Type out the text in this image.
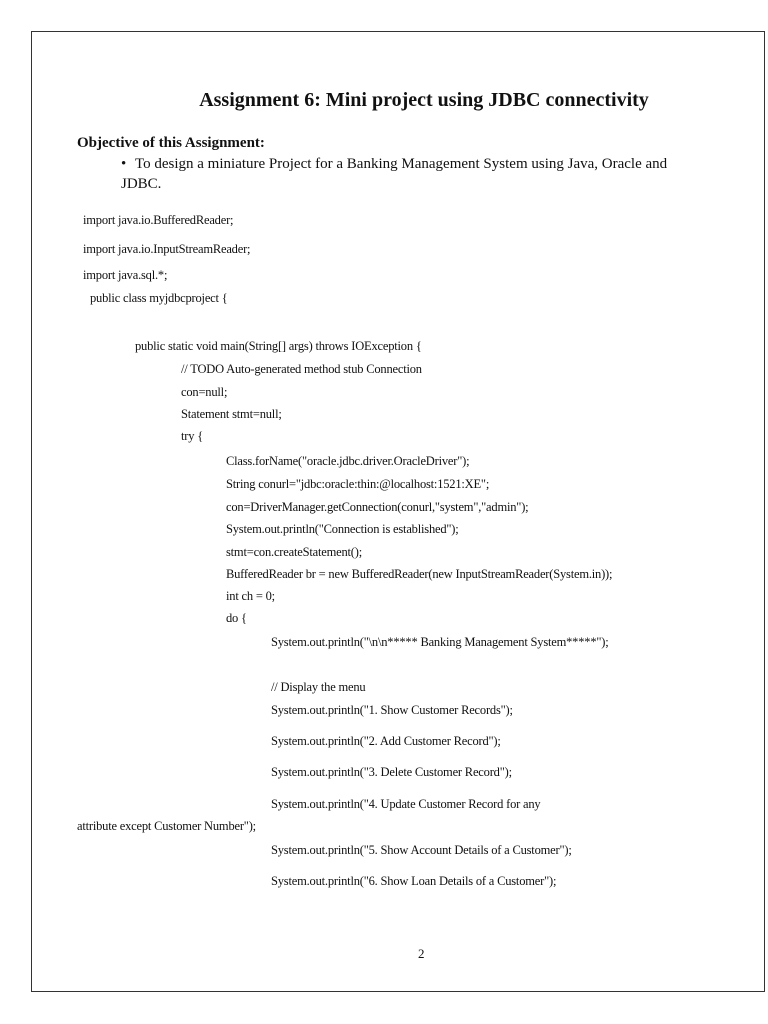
Assignment 6: Mini project using JDBC connectivity
Objective of this Assignment:
• To design a miniature Project for a Banking Management System using Java, Oracle and JDBC.
import java.io.BufferedReader;
import java.io.InputStreamReader;
import java.sql.*;
public class myjdbcproject {
public static void main(String[] args) throws IOException {
// TODO Auto-generated method stub Connection
con=null;
Statement stmt=null;
try {
Class.forName("oracle.jdbc.driver.OracleDriver");
String conurl="jdbc:oracle:thin:@localhost:1521:XE";
con=DriverManager.getConnection(conurl,"system","admin");
System.out.println("Connection is established");
stmt=con.createStatement();
BufferedReader br = new BufferedReader(new InputStreamReader(System.in));
int ch = 0;
do {
System.out.println("\n\n***** Banking Management System*****");
// Display the menu
System.out.println("1. Show Customer Records");
System.out.println("2. Add Customer Record");
System.out.println("3. Delete Customer Record");
System.out.println("4. Update Customer Record for any
attribute except Customer Number");
System.out.println("5. Show Account Details of a Customer");
System.out.println("6. Show Loan Details of a Customer");
2
